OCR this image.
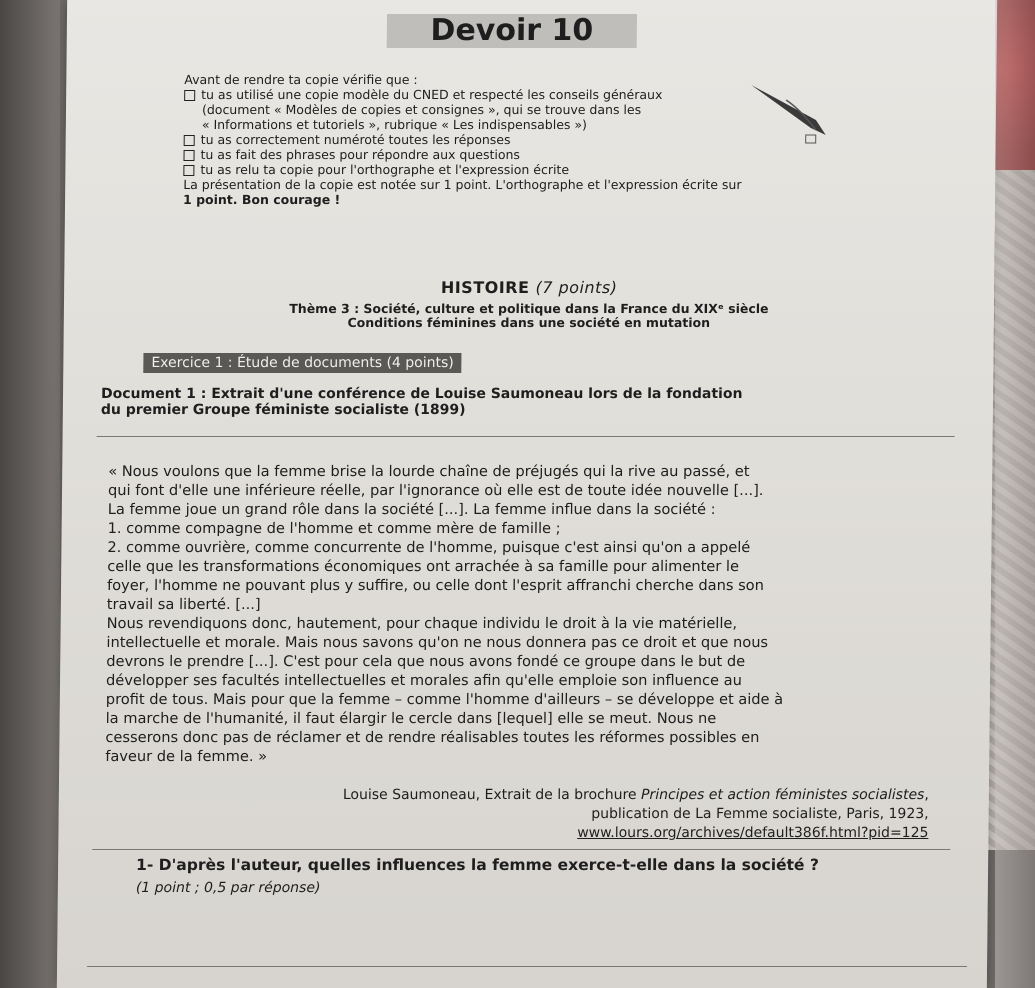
Devoir 10
Avant de rendre ta copie vérifie que :
tu as utilisé une copie modèle du CNED et respecté les conseils généraux
(document « Modèles de copies et consignes », qui se trouve dans les
« Informations et tutoriels », rubrique « Les indispensables »)
tu as correctement numéroté toutes les réponses
tu as fait des phrases pour répondre aux questions
tu as relu ta copie pour l'orthographe et l'expression écrite
La présentation de la copie est notée sur 1 point. L'orthographe et l'expression écrite sur
1 point. Bon courage !
HISTOIRE (7 points)
Thème 3 : Société, culture et politique dans la France du XIXᵉ siècle
Conditions féminines dans une société en mutation
Exercice 1 : Étude de documents (4 points)
Document 1 : Extrait d'une conférence de Louise Saumoneau lors de la fondation
du premier Groupe féministe socialiste (1899)

« Nous voulons que la femme brise la lourde chaîne de préjugés qui la rive au passé, et

qui font d'elle une inférieure réelle, par l'ignorance où elle est de toute idée nouvelle [...].

La femme joue un grand rôle dans la société [...]. La femme influe dans la société :

1. comme compagne de l'homme et comme mère de famille ;

2. comme ouvrière, comme concurrente de l'homme, puisque c'est ainsi qu'on a appelé

celle que les transformations économiques ont arrachée à sa famille pour alimenter le

foyer, l'homme ne pouvant plus y suffire, ou celle dont l'esprit affranchi cherche dans son

travail sa liberté. [...]

Nous revendiquons donc, hautement, pour chaque individu le droit à la vie matérielle,

intellectuelle et morale. Mais nous savons qu'on ne nous donnera pas ce droit et que nous

devrons le prendre [...]. C'est pour cela que nous avons fondé ce groupe dans le but de

développer ses facultés intellectuelles et morales afin qu'elle emploie son influence au

profit de tous. Mais pour que la femme – comme l'homme d'ailleurs – se développe et aide à

la marche de l'humanité, il faut élargir le cercle dans [lequel] elle se meut. Nous ne

cesserons donc pas de réclamer et de rendre réalisables toutes les réformes possibles en

faveur de la femme. »

Louise Saumoneau, Extrait de la brochure Principes et action féministes socialistes,
publication de La Femme socialiste, Paris, 1923,
www.lours.org/archives/default386f.html?pid=125
1- D'après l'auteur, quelles influences la femme exerce-t-elle dans la société ?
(1 point ; 0,5 par réponse)
